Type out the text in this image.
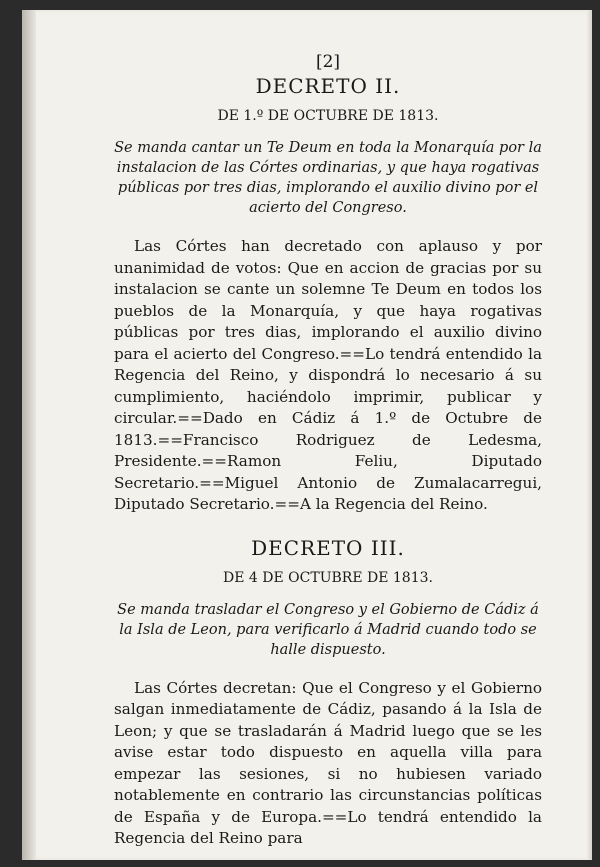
[2]
DECRETO II.
DE 1.º DE OCTUBRE DE 1813.
Se manda cantar un Te Deum en toda la Monarquía por la instalacion de las Córtes ordinarias, y que haya rogativas públicas por tres dias, implorando el auxilio divino por el acierto del Congreso.

Las Córtes han decretado con aplauso y por unanimidad de votos: Que en accion de gracias por su instalacion se cante un solemne Te Deum en todos los pueblos de la Monarquía, y que haya rogativas públicas por tres dias, implorando el auxilio divino para el acierto del Congreso.==Lo tendrá entendido la Regencia del Reino, y dispondrá lo necesario á su cumplimiento, haciéndolo imprimir, publicar y circular.==Dado en Cádiz á 1.º de Octubre de 1813.==Francisco Rodriguez de Ledesma, Presidente.==Ramon Feliu, Diputado Secretario.==Miguel Antonio de Zumalacarregui, Diputado Secretario.==A la Regencia del Reino.

DECRETO III.
DE 4 DE OCTUBRE DE 1813.
Se manda trasladar el Congreso y el Gobierno de Cádiz á la Isla de Leon, para verificarlo á Madrid cuando todo se halle dispuesto.

Las Córtes decretan: Que el Congreso y el Gobierno salgan inmediatamente de Cádiz, pasando á la Isla de Leon; y que se trasladarán á Madrid luego que se les avise estar todo dispuesto en aquella villa para empezar las sesiones, si no hubiesen variado notablemente en contrario las circunstancias políticas de España y de Europa.==Lo tendrá entendido la Regencia del Reino para
